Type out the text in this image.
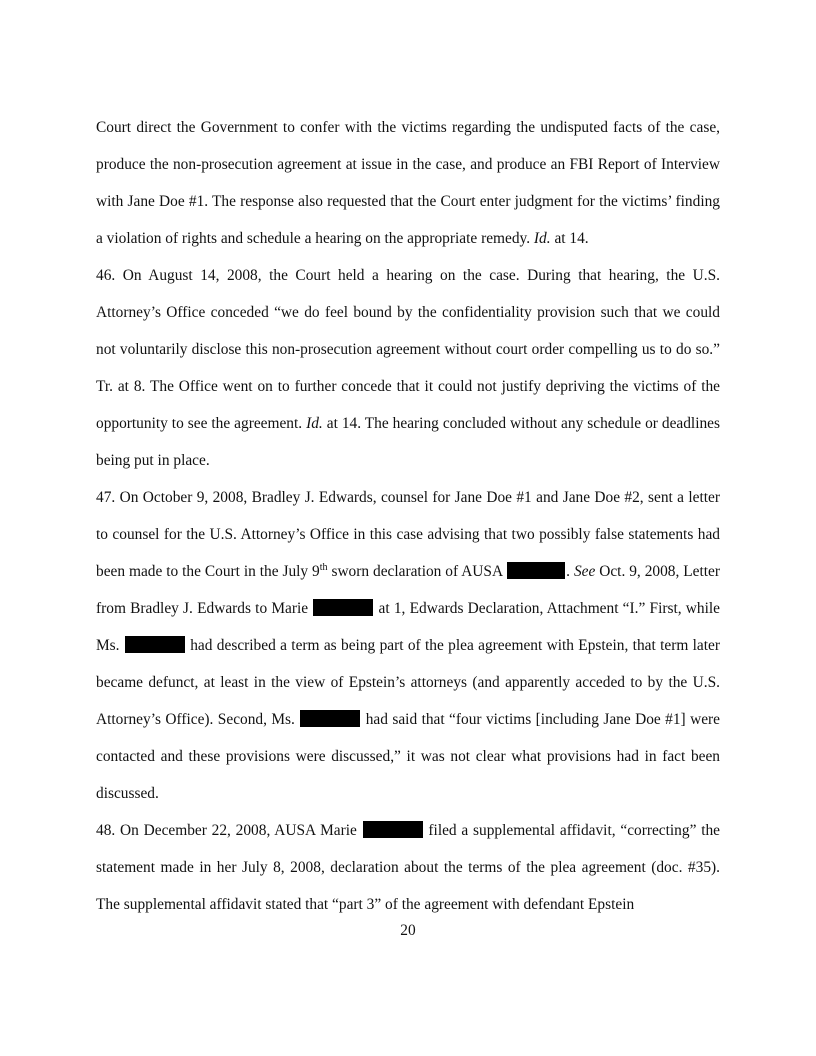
Court direct the Government to confer with the victims regarding the undisputed facts of the case, produce the non-prosecution agreement at issue in the case, and produce an FBI Report of Interview with Jane Doe #1. The response also requested that the Court enter judgment for the victims’ finding a violation of rights and schedule a hearing on the appropriate remedy. Id. at 14.

46. On August 14, 2008, the Court held a hearing on the case. During that hearing, the U.S. Attorney’s Office conceded “we do feel bound by the confidentiality provision such that we could not voluntarily disclose this non-prosecution agreement without court order compelling us to do so.” Tr. at 8. The Office went on to further concede that it could not justify depriving the victims of the opportunity to see the agreement. Id. at 14. The hearing concluded without any schedule or deadlines being put in place.

47. On October 9, 2008, Bradley J. Edwards, counsel for Jane Doe #1 and Jane Doe #2, sent a letter to counsel for the U.S. Attorney’s Office in this case advising that two possibly false statements had been made to the Court in the July 9th sworn declaration of AUSA	. See Oct. 9, 2008, Letter from Bradley J. Edwards to Marie	at 1, Edwards Declaration, Attachment “I.” First, while Ms.	had described a term as being part of the plea agreement with Epstein, that term later became defunct, at least in the view of Epstein’s attorneys (and apparently acceded to by the U.S. Attorney’s Office). Second, Ms.	had said that “four victims [including Jane Doe #1] were contacted and these provisions were discussed,” it was not clear what provisions had in fact been discussed.

48. On December 22, 2008, AUSA Marie	filed a supplemental affidavit, “correcting” the statement made in her July 8, 2008, declaration about the terms of the plea agreement (doc. #35). The supplemental affidavit stated that “part 3” of the agreement with defendant Epstein

20
